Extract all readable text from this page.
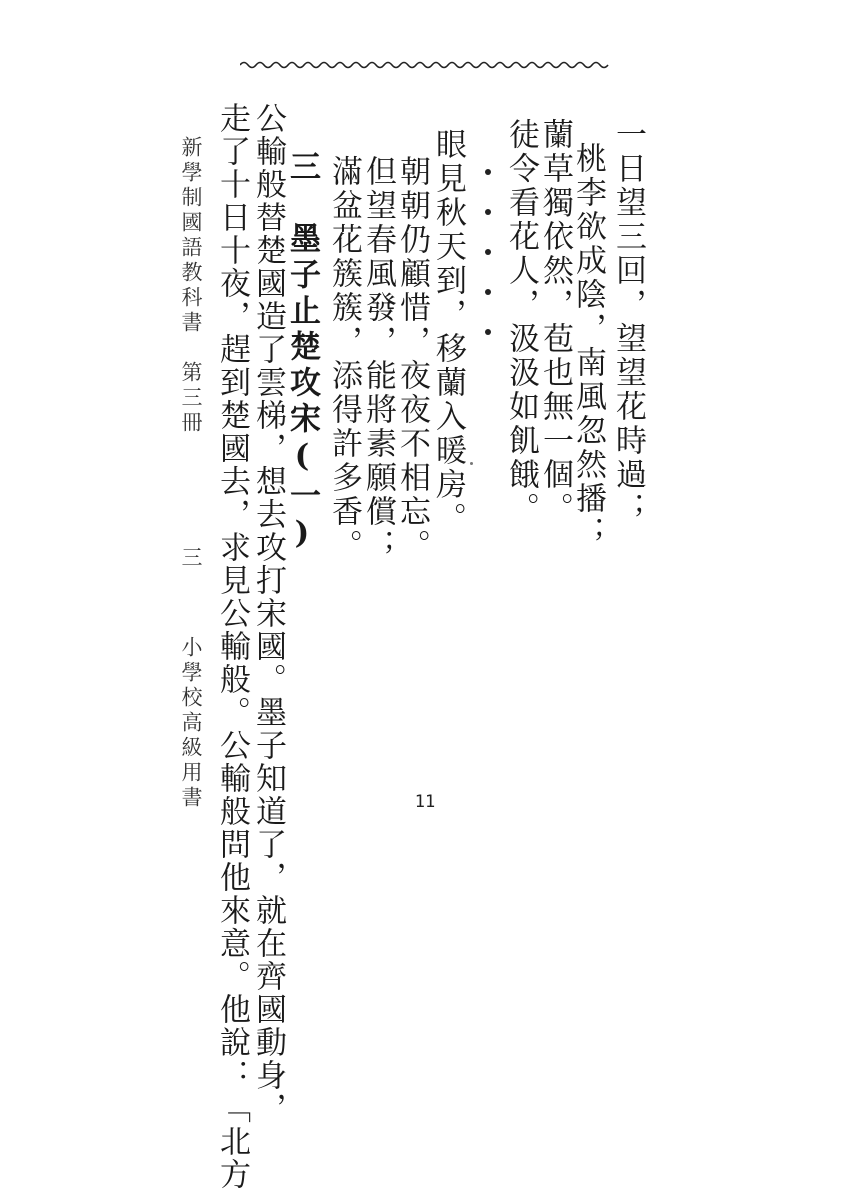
一日望三回，望望花時過；
桃李欲成陰，南風忽然播；
蘭草獨依然，苞也無一個。
徒令看花人，汲汲如飢餓。
眼見秋天到，移蘭入暖房。
朝朝仍顧惜，夜夜不相忘。
但望春風發，能將素願償；
滿盆花簇簇，添得許多香。
三　墨子止楚攻宋(一)
公輸般替楚國造了雲梯，想去攻打宋國。墨子知道了，就在齊國動身，
走了十日十夜，趕到楚國去，求見公輸般。公輸般問他來意。他說：「北方
新學制國語教科書　第三冊
三
小學校高級用書	11
